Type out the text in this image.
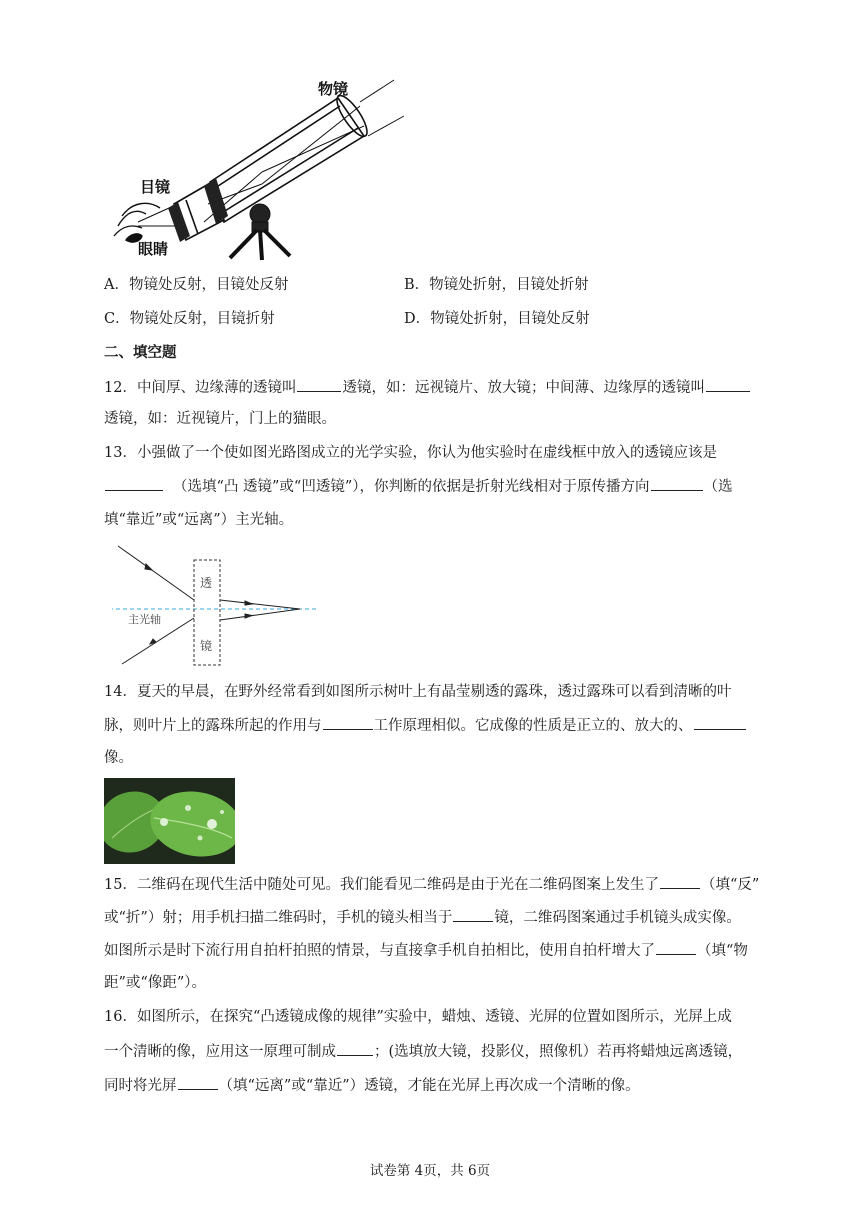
物镜
目镜
眼睛
A．物镜处反射，目镜处反射	B．物镜处折射，目镜处折射
C．物镜处反射，目镜折射	D．物镜处折射，目镜处反射
二、填空题
12．中间厚、边缘薄的透镜叫	透镜，如：远视镜片、放大镜；中间薄、边缘厚的透镜叫
透镜，如：近视镜片，门上的猫眼。
13．小强做了一个使如图光路图成立的光学实验，你认为他实验时在虚线框中放入的透镜应该是
（选填“凸 透镜”或“凹透镜”），你判断的依据是折射光线相对于原传播方向	（选
填“靠近”或“远离”）主光轴。
透
镜
主光轴
14．夏天的早晨，在野外经常看到如图所示树叶上有晶莹剔透的露珠，透过露珠可以看到清晰的叶
脉，则叶片上的露珠所起的作用与	工作原理相似。它成像的性质是正立的、放大的、
像。
15．二维码在现代生活中随处可见。我们能看见二维码是由于光在二维码图案上发生了	（填“反”
或“折”）射；用手机扫描二维码时，手机的镜头相当于	镜，二维码图案通过手机镜头成实像。
如图所示是时下流行用自拍杆拍照的情景，与直接拿手机自拍相比，使用自拍杆增大了	（填“物
距”或“像距”）。
16．如图所示，在探究“凸透镜成像的规律”实验中，蜡烛、透镜、光屏的位置如图所示，光屏上成
一个清晰的像，应用这一原理可制成	；(选填放大镜，投影仪，照像机）若再将蜡烛远离透镜，
同时将光屏	（填“远离”或“靠近”）透镜，才能在光屏上再次成一个清晰的像。
试卷第 4页，共 6页
